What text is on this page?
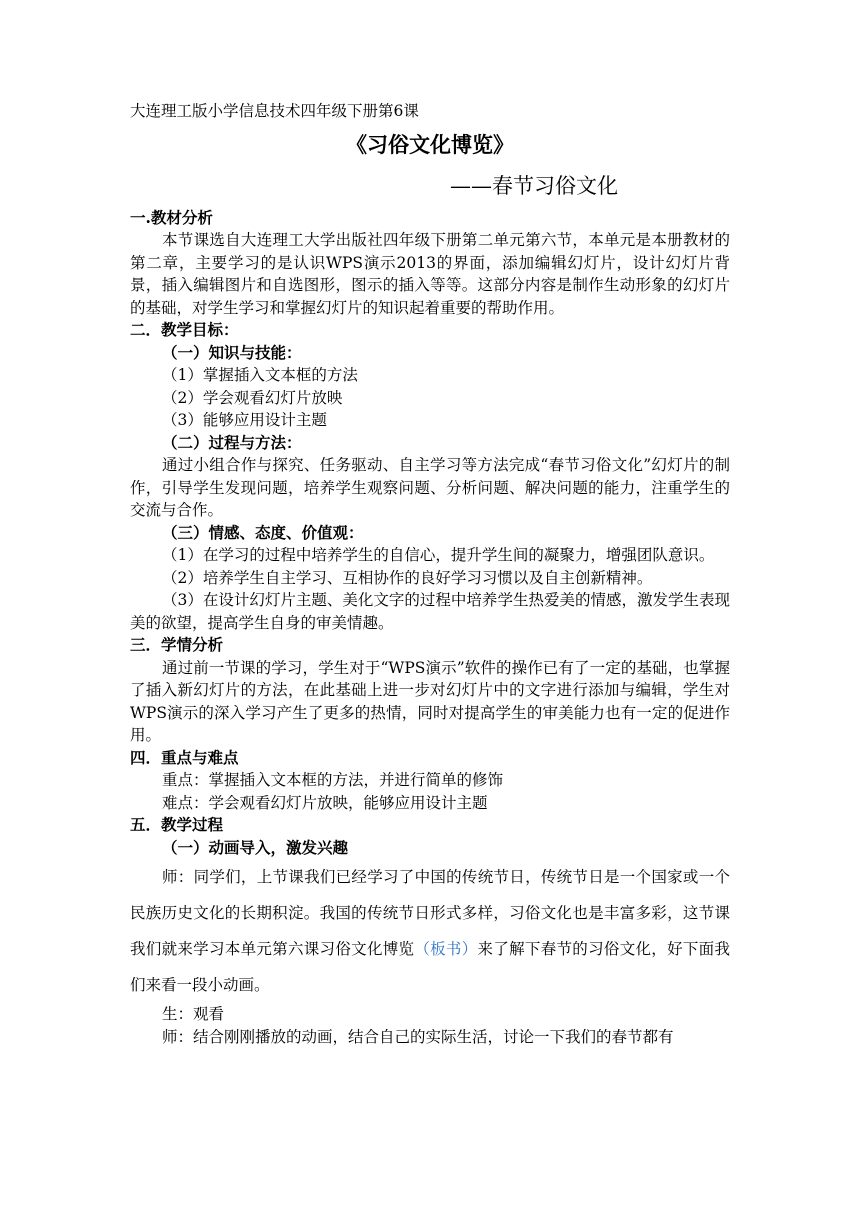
大连理工版小学信息技术四年级下册第6课
《习俗文化博览》
——春节习俗文化
一.教材分析
本节课选自大连理工大学出版社四年级下册第二单元第六节，本单元是本册教材的第二章，主要学习的是认识WPS演示2013的界面，添加编辑幻灯片，设计幻灯片背景，插入编辑图片和自选图形，图示的插入等等。这部分内容是制作生动形象的幻灯片的基础，对学生学习和掌握幻灯片的知识起着重要的帮助作用。
二．教学目标：
（一）知识与技能：
（1）掌握插入文本框的方法
（2）学会观看幻灯片放映
（3）能够应用设计主题
（二）过程与方法：
通过小组合作与探究、任务驱动、自主学习等方法完成“春节习俗文化”幻灯片的制作，引导学生发现问题，培养学生观察问题、分析问题、解决问题的能力，注重学生的交流与合作。
（三）情感、态度、价值观：
（1）在学习的过程中培养学生的自信心，提升学生间的凝聚力，增强团队意识。
（2）培养学生自主学习、互相协作的良好学习习惯以及自主创新精神。
（3）在设计幻灯片主题、美化文字的过程中培养学生热爱美的情感，激发学生表现美的欲望，提高学生自身的审美情趣。
三．学情分析
通过前一节课的学习，学生对于“WPS演示”软件的操作已有了一定的基础，也掌握了插入新幻灯片的方法，在此基础上进一步对幻灯片中的文字进行添加与编辑，学生对WPS演示的深入学习产生了更多的热情，同时对提高学生的审美能力也有一定的促进作用。
四．重点与难点
重点：掌握插入文本框的方法，并进行简单的修饰
难点：学会观看幻灯片放映，能够应用设计主题
五．教学过程
（一）动画导入，激发兴趣
师：同学们，上节课我们已经学习了中国的传统节日，传统节日是一个国家或一个民族历史文化的长期积淀。我国的传统节日形式多样，习俗文化也是丰富多彩，这节课我们就来学习本单元第六课习俗文化博览（板书）来了解下春节的习俗文化，好下面我们来看一段小动画。
生：观看
师：结合刚刚播放的动画，结合自己的实际生活，讨论一下我们的春节都有
